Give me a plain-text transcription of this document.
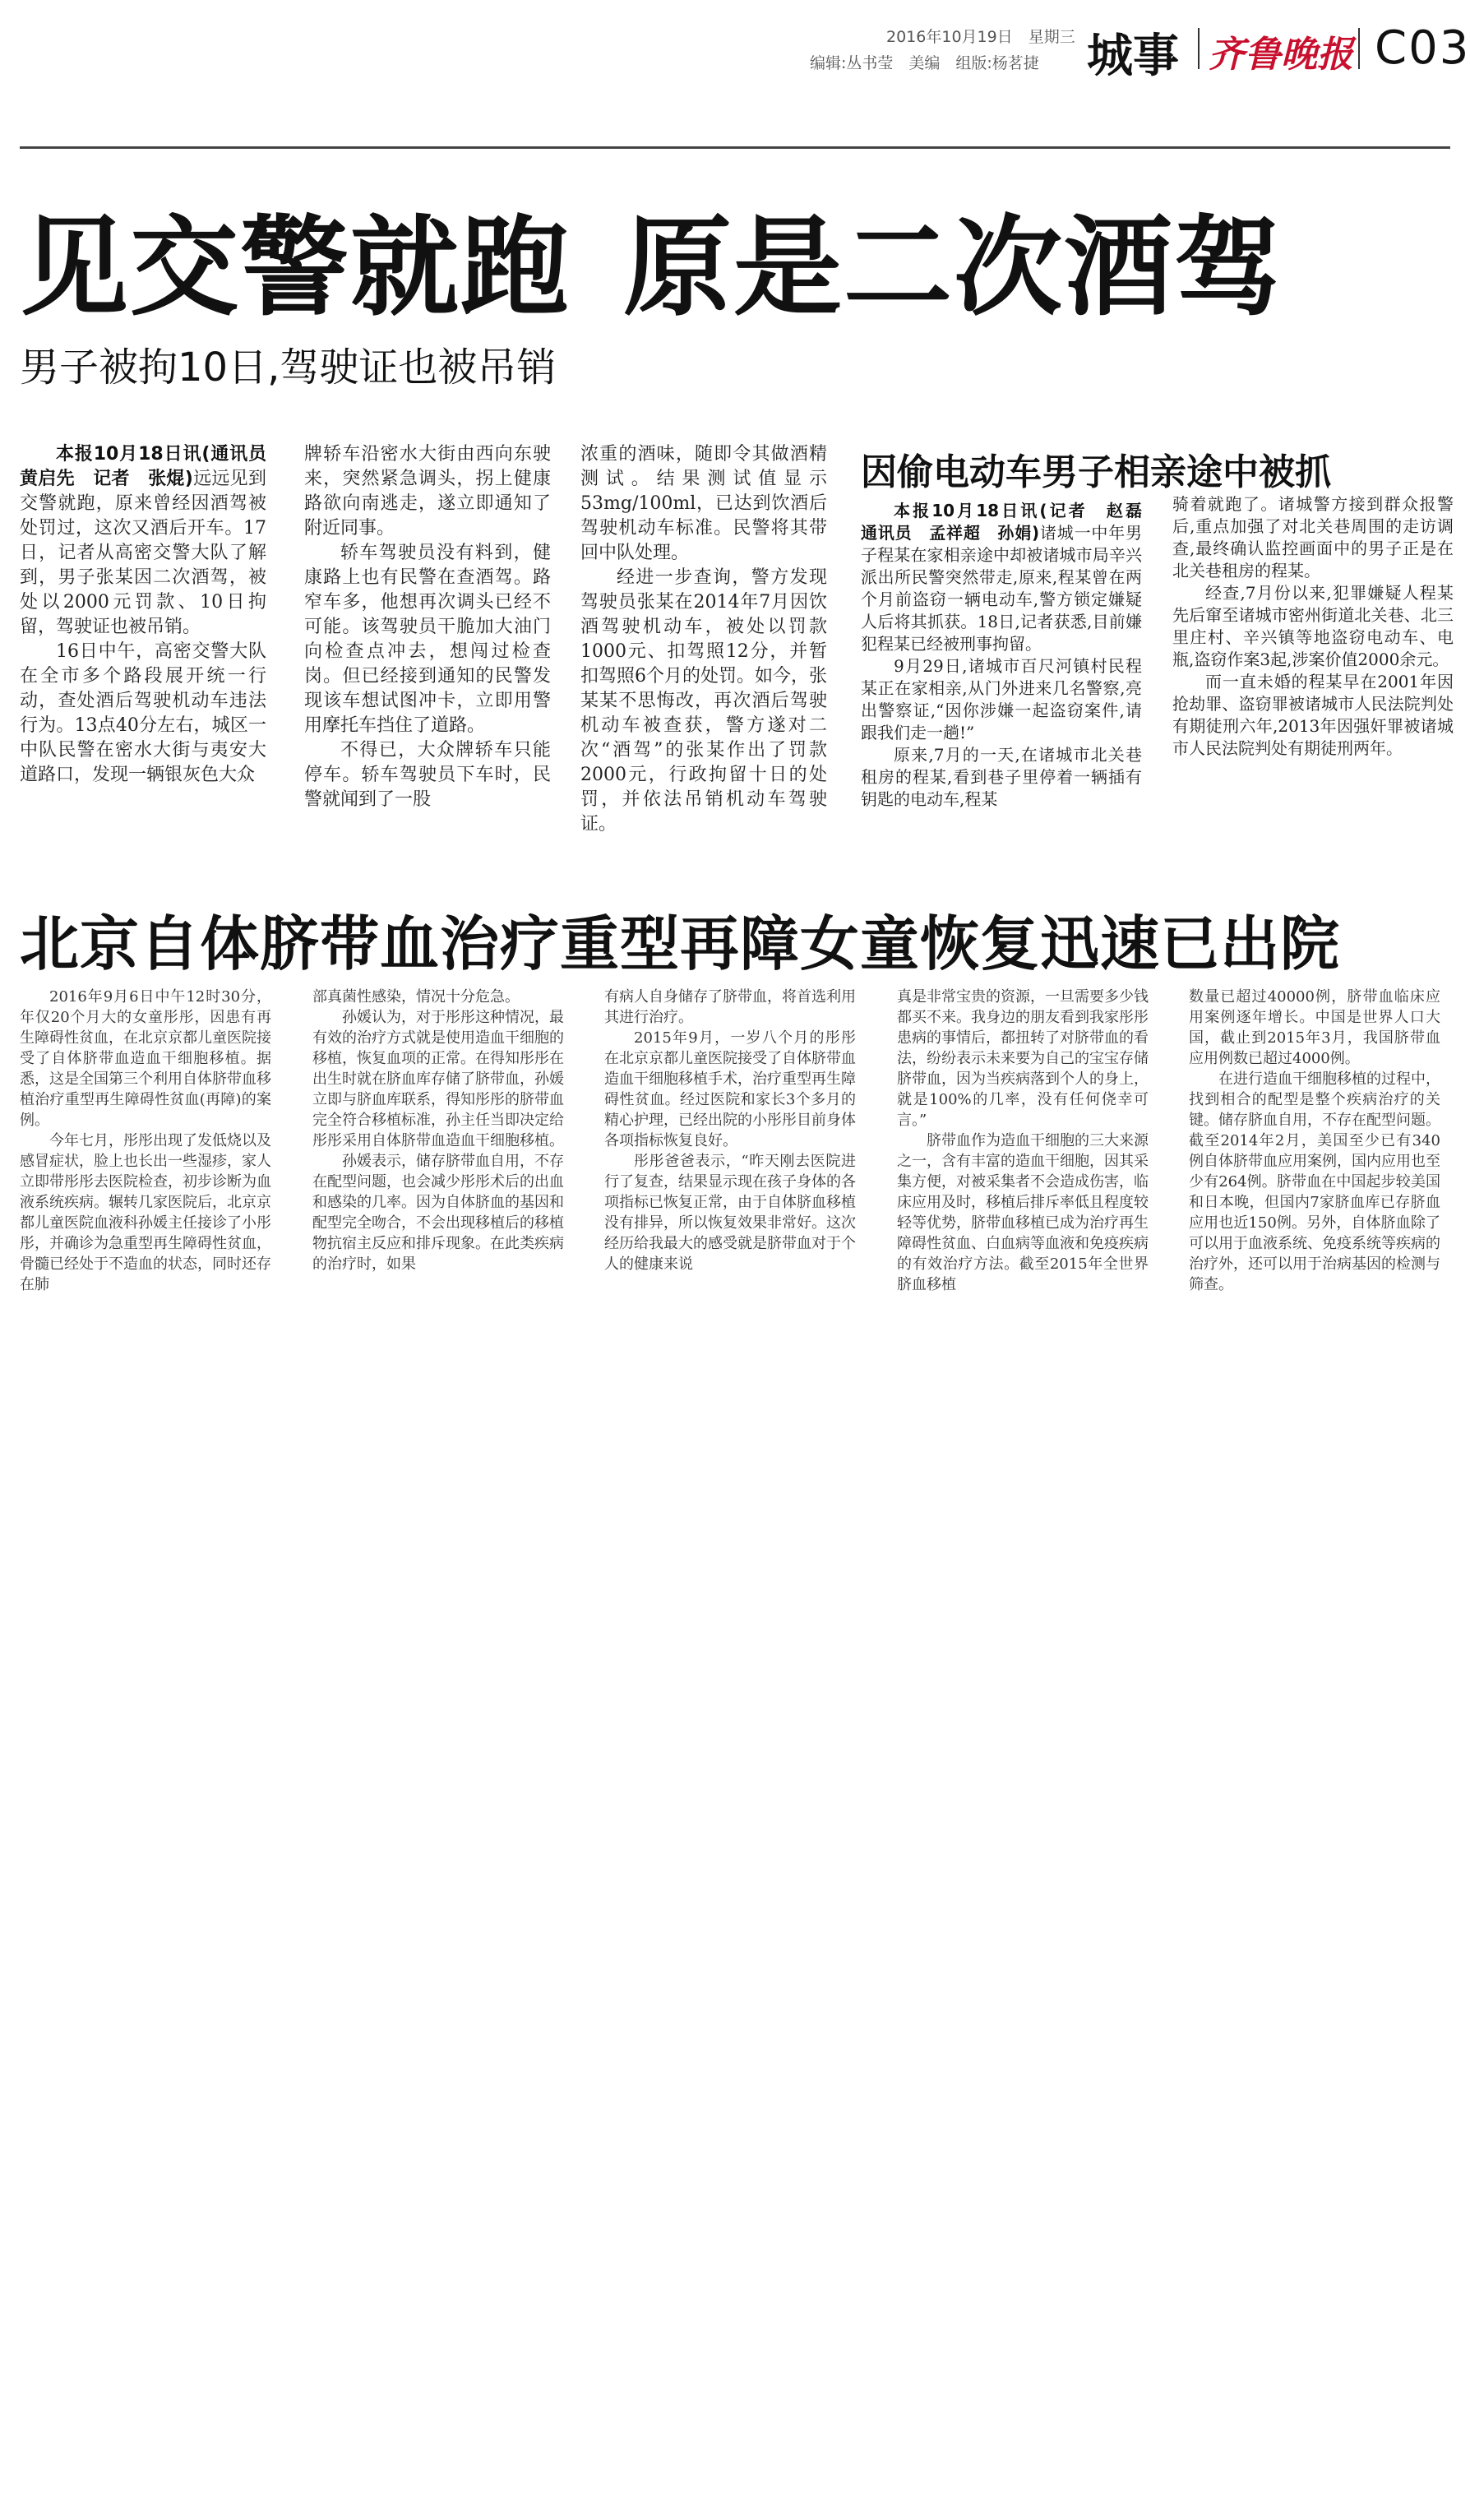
2016年10月19日　星期三
编辑:丛书莹　美编　组版:杨茗捷 城事 齐鲁晚报 C03
见交警就跑 原是二次酒驾
男子被拘10日,驾驶证也被吊销

本报10月18日讯(通讯员　黄启先　记者　张焜)远远见到交警就跑，原来曾经因酒驾被处罚过，这次又酒后开车。17日，记者从高密交警大队了解到，男子张某因二次酒驾，被处以2000元罚款、10日拘留，驾驶证也被吊销。

16日中午，高密交警大队在全市多个路段展开统一行动，查处酒后驾驶机动车违法行为。13点40分左右，城区一中队民警在密水大街与夷安大道路口，发现一辆银灰色大众

牌轿车沿密水大街由西向东驶来，突然紧急调头，拐上健康路欲向南逃走，遂立即通知了附近同事。

轿车驾驶员没有料到，健康路上也有民警在查酒驾。路窄车多，他想再次调头已经不可能。该驾驶员干脆加大油门向检查点冲去，想闯过检查岗。但已经接到通知的民警发现该车想试图冲卡，立即用警用摩托车挡住了道路。

不得已，大众牌轿车只能停车。轿车驾驶员下车时，民警就闻到了一股

浓重的酒味，随即令其做酒精测试。结果测试值显示53mg/100ml，已达到饮酒后驾驶机动车标准。民警将其带回中队处理。

经进一步查询，警方发现驾驶员张某在2014年7月因饮酒驾驶机动车，被处以罚款1000元、扣驾照12分，并暂扣驾照6个月的处罚。如今，张某某不思悔改，再次酒后驾驶机动车被查获，警方遂对二次“酒驾”的张某作出了罚款2000元，行政拘留十日的处罚，并依法吊销机动车驾驶证。

因偷电动车男子相亲途中被抓

本报10月18日讯(记者　赵磊　通讯员　孟祥超　孙娟)诸城一中年男子程某在家相亲途中却被诸城市局辛兴派出所民警突然带走,原来,程某曾在两个月前盗窃一辆电动车,警方锁定嫌疑人后将其抓获。18日,记者获悉,目前嫌犯程某已经被刑事拘留。

9月29日,诸城市百尺河镇村民程某正在家相亲,从门外进来几名警察,亮出警察证,“因你涉嫌一起盗窃案件,请跟我们走一趟!”

原来,7月的一天,在诸城市北关巷租房的程某,看到巷子里停着一辆插有钥匙的电动车,程某

骑着就跑了。诸城警方接到群众报警后,重点加强了对北关巷周围的走访调查,最终确认监控画面中的男子正是在北关巷租房的程某。

经查,7月份以来,犯罪嫌疑人程某先后窜至诸城市密州街道北关巷、北三里庄村、辛兴镇等地盗窃电动车、电瓶,盗窃作案3起,涉案价值2000余元。

而一直未婚的程某早在2001年因抢劫罪、盗窃罪被诸城市人民法院判处有期徒刑六年,2013年因强奸罪被诸城市人民法院判处有期徒刑两年。

北京自体脐带血治疗重型再障女童恢复迅速已出院

2016年9月6日中午12时30分，年仅20个月大的女童彤彤，因患有再生障碍性贫血，在北京京都儿童医院接受了自体脐带血造血干细胞移植。据悉，这是全国第三个利用自体脐带血移植治疗重型再生障碍性贫血(再障)的案例。

今年七月，彤彤出现了发低烧以及感冒症状，脸上也长出一些湿疹，家人立即带彤彤去医院检查，初步诊断为血液系统疾病。辗转几家医院后，北京京都儿童医院血液科孙媛主任接诊了小彤彤，并确诊为急重型再生障碍性贫血，骨髓已经处于不造血的状态，同时还存在肺

部真菌性感染，情况十分危急。

孙媛认为，对于彤彤这种情况，最有效的治疗方式就是使用造血干细胞的移植，恢复血项的正常。在得知彤彤在出生时就在脐血库存储了脐带血，孙媛立即与脐血库联系，得知彤彤的脐带血完全符合移植标准，孙主任当即决定给彤彤采用自体脐带血造血干细胞移植。

孙媛表示，储存脐带血自用，不存在配型问题，也会减少彤彤术后的出血和感染的几率。因为自体脐血的基因和配型完全吻合，不会出现移植后的移植物抗宿主反应和排斥现象。在此类疾病的治疗时，如果

有病人自身储存了脐带血，将首选利用其进行治疗。

2015年9月，一岁八个月的彤彤在北京京都儿童医院接受了自体脐带血造血干细胞移植手术，治疗重型再生障碍性贫血。经过医院和家长3个多月的精心护理，已经出院的小彤彤目前身体各项指标恢复良好。

彤彤爸爸表示，“昨天刚去医院进行了复查，结果显示现在孩子身体的各项指标已恢复正常，由于自体脐血移植没有排异，所以恢复效果非常好。这次经历给我最大的感受就是脐带血对于个人的健康来说

真是非常宝贵的资源，一旦需要多少钱都买不来。我身边的朋友看到我家彤彤患病的事情后，都扭转了对脐带血的看法，纷纷表示未来要为自己的宝宝存储脐带血，因为当疾病落到个人的身上，就是100%的几率，没有任何侥幸可言。”

脐带血作为造血干细胞的三大来源之一，含有丰富的造血干细胞，因其采集方便，对被采集者不会造成伤害，临床应用及时，移植后排斥率低且程度较轻等优势，脐带血移植已成为治疗再生障碍性贫血、白血病等血液和免疫疾病的有效治疗方法。截至2015年全世界脐血移植

数量已超过40000例，脐带血临床应用案例逐年增长。中国是世界人口大国，截止到2015年3月，我国脐带血应用例数已超过4000例。

在进行造血干细胞移植的过程中，找到相合的配型是整个疾病治疗的关键。储存脐血自用，不存在配型问题。截至2014年2月，美国至少已有340例自体脐带血应用案例，国内应用也至少有264例。脐带血在中国起步较美国和日本晚，但国内7家脐血库已存脐血应用也近150例。另外，自体脐血除了可以用于血液系统、免疫系统等疾病的治疗外，还可以用于治病基因的检测与筛查。
